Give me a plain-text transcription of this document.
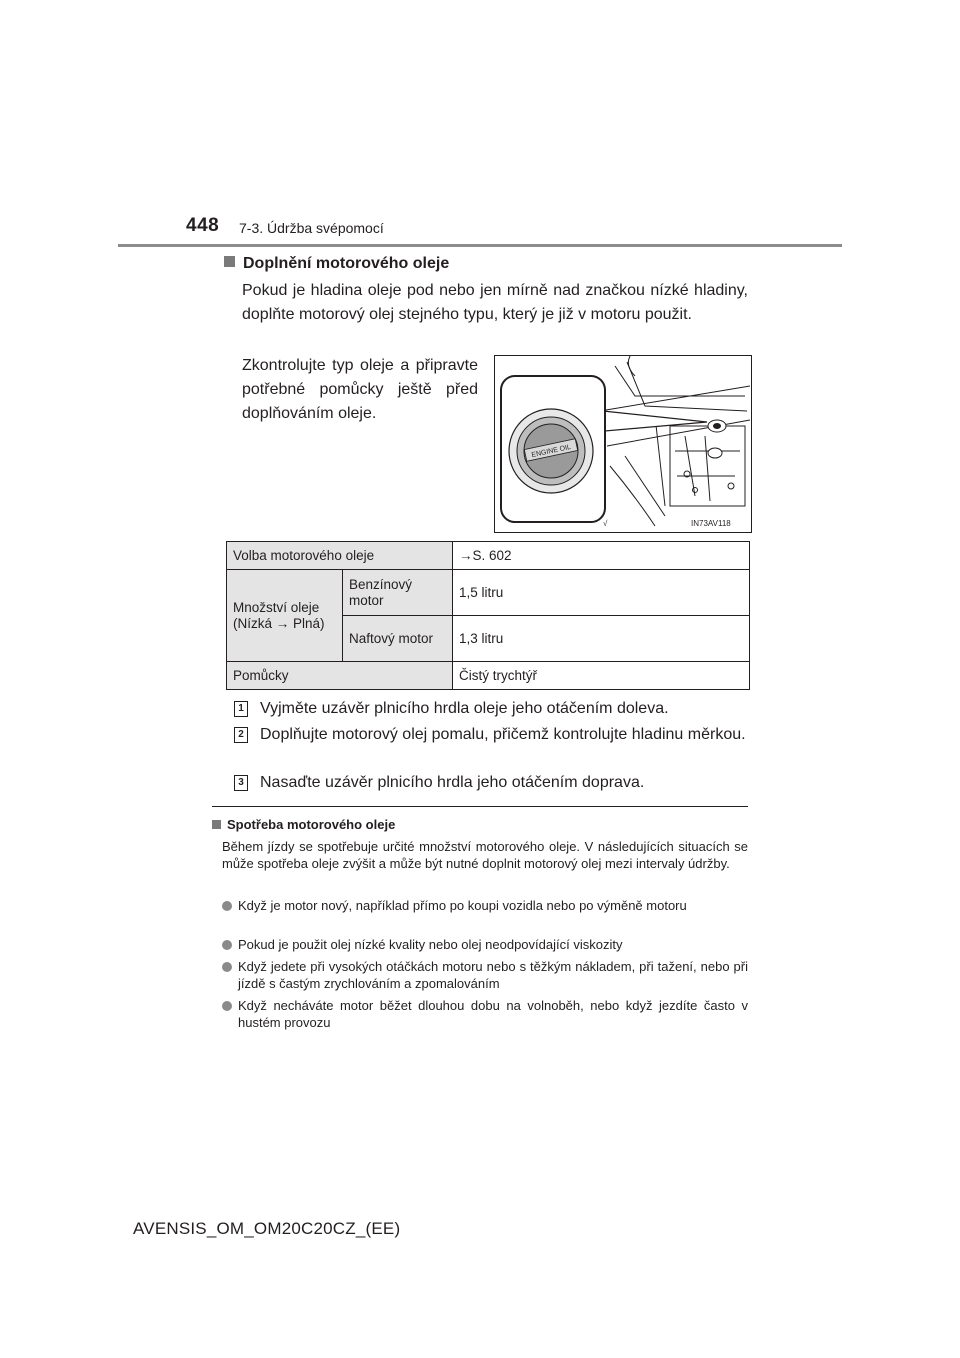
448 7-3. Údržba svépomocí
Doplnění motorového oleje
Pokud je hladina oleje pod nebo jen mírně nad značkou nízké hladiny, doplňte motorový olej stejného typu, který je již v motoru použit.
Zkontrolujte typ oleje a připravte potřebné pomůcky ještě před doplňováním oleje.
ENGINE OIL
√	IN73AV118
Volba motorového oleje		→S. 602
Množství oleje (Nízká → Plná)	Benzínový motor	1,5 litru
	Naftový motor	1,3 litru
Pomůcky		Čistý trychtýř
1 Vyjměte uzávěr plnicího hrdla oleje jeho otáčením doleva.
2 Doplňujte motorový olej pomalu, přičemž kontrolujte hladinu měrkou.
3 Nasaďte uzávěr plnicího hrdla jeho otáčením doprava.
Spotřeba motorového oleje
Během jízdy se spotřebuje určité množství motorového oleje. V následujících situacích se může spotřeba oleje zvýšit a může být nutné doplnit motorový olej mezi intervaly údržby.
Když je motor nový, například přímo po koupi vozidla nebo po výměně motoru
Pokud je použit olej nízké kvality nebo olej neodpovídající viskozity
Když jedete při vysokých otáčkách motoru nebo s těžkým nákladem, při tažení, nebo při jízdě s častým zrychlováním a zpomalováním
Když necháváte motor běžet dlouhou dobu na volnoběh, nebo když jezdíte často v hustém provozu
AVENSIS_OM_OM20C20CZ_(EE)
